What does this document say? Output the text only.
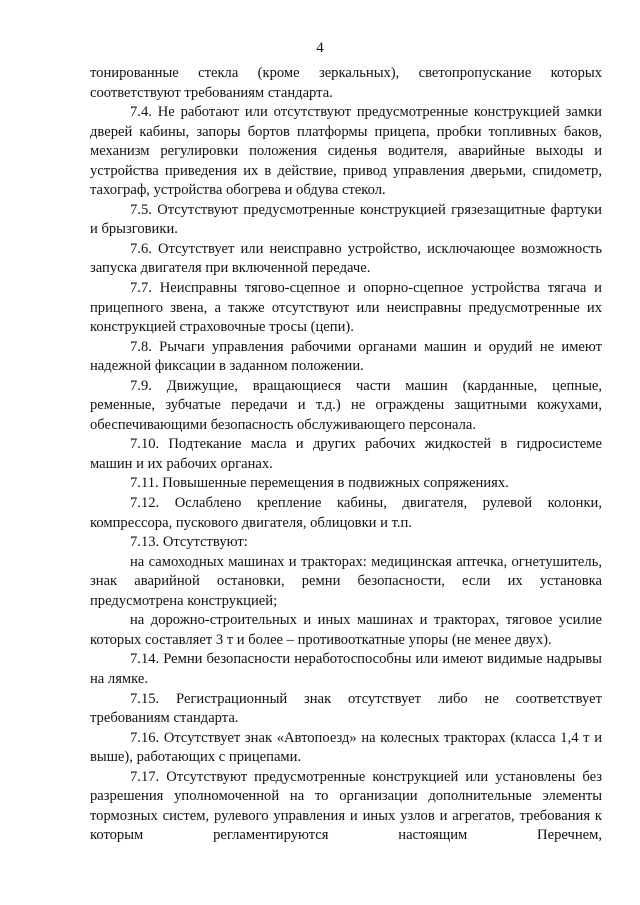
4

тонированные стекла (кроме зеркальных), светопропускание которых соответствуют требованиям стандарта.

7.4. Не работают или отсутствуют предусмотренные конструкцией замки дверей кабины, запоры бортов платформы прицепа, пробки топливных баков, механизм регулировки положения сиденья водителя, аварийные выходы и устройства приведения их в действие, привод управления дверьми, спидометр, тахограф, устройства обогрева и обдува стекол.

7.5. Отсутствуют предусмотренные конструкцией грязезащитные фартуки и брызговики.

7.6. Отсутствует или неисправно устройство, исключающее возможность запуска двигателя при включенной передаче.

7.7. Неисправны тягово-сцепное и опорно-сцепное устройства тягача и прицепного звена, а также отсутствуют или неисправны предусмотренные их конструкцией страховочные тросы (цепи).

7.8. Рычаги управления рабочими органами машин и орудий не имеют надежной фиксации в заданном положении.

7.9. Движущие, вращающиеся части машин (карданные, цепные, ременные, зубчатые передачи и т.д.) не ограждены защитными кожухами, обеспечивающими безопасность обслуживающего персонала.

7.10. Подтекание масла и других рабочих жидкостей в гидросистеме машин и их рабочих органах.

7.11. Повышенные перемещения в подвижных сопряжениях.

7.12. Ослаблено крепление кабины, двигателя, рулевой колонки, компрессора, пускового двигателя, облицовки и т.п.

7.13. Отсутствуют:

на самоходных машинах и тракторах: медицинская аптечка, огнетушитель, знак аварийной остановки, ремни безопасности, если их установка предусмотрена конструкцией;

на дорожно-строительных и иных машинах и тракторах, тяговое усилие которых составляет 3 т и более – противооткатные упоры (не менее двух).

7.14. Ремни безопасности неработоспособны или имеют видимые надрывы на лямке.

7.15. Регистрационный знак отсутствует либо не соответствует требованиям стандарта.

7.16. Отсутствует знак «Автопоезд» на колесных тракторах (класса 1,4 т и выше), работающих с прицепами.

7.17. Отсутствуют предусмотренные конструкцией или установлены без разрешения уполномоченной на то организации дополнительные элементы тормозных систем, рулевого управления и иных узлов и агрегатов, требования к которым регламентируются настоящим Перечнем,
